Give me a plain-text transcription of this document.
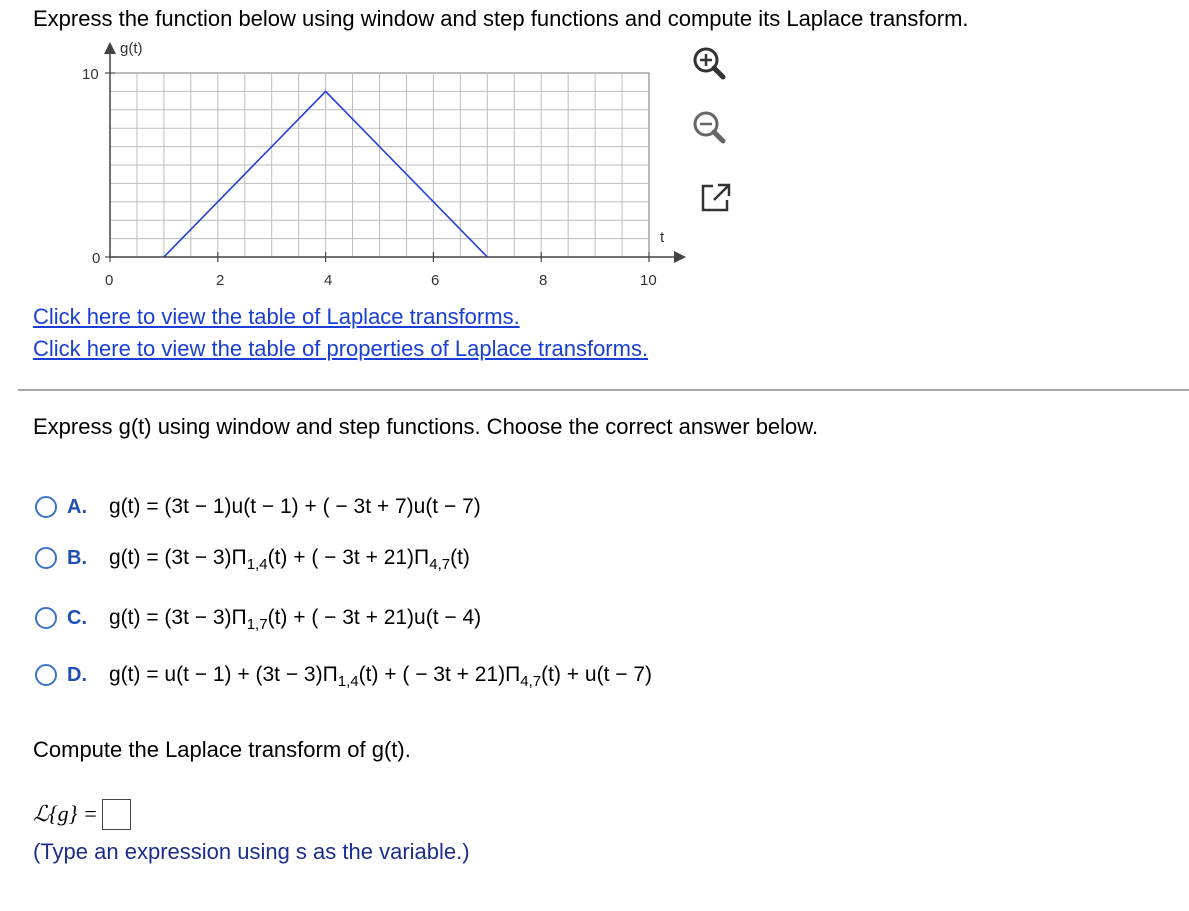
Express the function below using window and step functions and compute its Laplace transform.
g(t)
t
10
0
0	2	4	6	8	10
Click here to view the table of Laplace transforms.
Click here to view the table of properties of Laplace transforms.
Express g(t) using window and step functions. Choose the correct answer below.
A.	g(t) = (3t − 1)u(t − 1) + ( − 3t + 7)u(t − 7)
B.	$g(t) = (3t - 3)\Pi_{1,4}(t)$ + ( − $3t + 21)\Pi_{4,7}(t)$
C.	$g(t) = (3t - 3)\Pi_{1,7}(t)$ + ( − 3t + 21)u(t − 4)
D.	$g(t) = u(t - 1) + (3t - 3)\Pi_{1,4}(t)$ + ( − $3t + 21)\Pi_{4,7}(t) + u(t - 7)$
Compute the Laplace transform of g(t).
ℒ{g} =
(Type an expression using s as the variable.)
